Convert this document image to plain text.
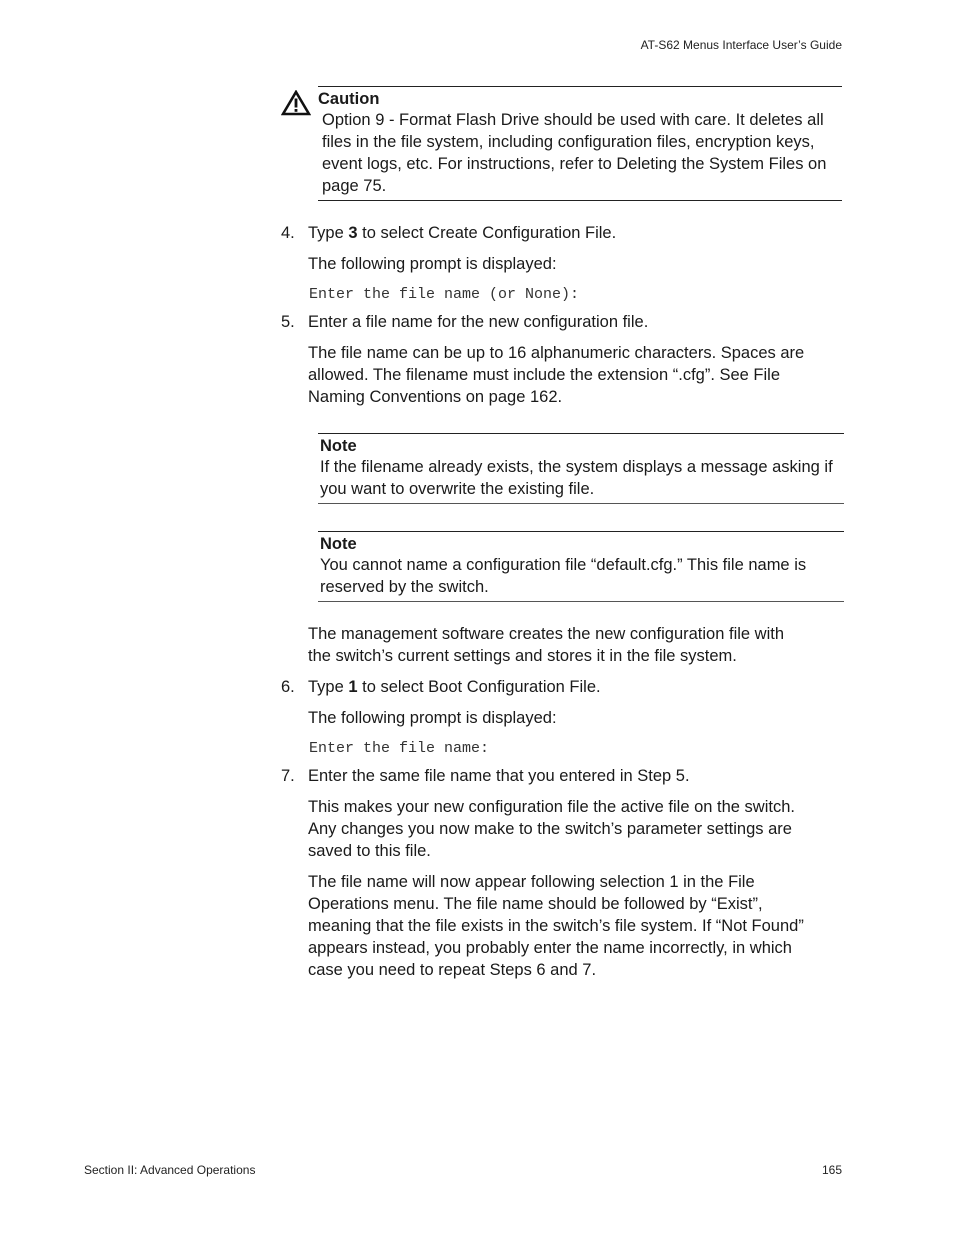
AT-S62 Menus Interface User’s Guide
Caution
Option 9 - Format Flash Drive should be used with care. It deletes all files in the file system, including configuration files, encryption keys, event logs, etc. For instructions, refer to Deleting the System Files on page 75.
4. Type 3 to select Create Configuration File.
The following prompt is displayed:
Enter the file name (or None):
5. Enter a file name for the new configuration file.
The file name can be up to 16 alphanumeric characters. Spaces are allowed. The filename must include the extension “.cfg”. See File Naming Conventions on page 162.
Note
If the filename already exists, the system displays a message asking if you want to overwrite the existing file.
Note
You cannot name a configuration file “default.cfg.” This file name is reserved by the switch.
The management software creates the new configuration file with the switch’s current settings and stores it in the file system.
6. Type 1 to select Boot Configuration File.
The following prompt is displayed:
Enter the file name:
7. Enter the same file name that you entered in Step 5.
This makes your new configuration file the active file on the switch. Any changes you now make to the switch’s parameter settings are saved to this file.
The file name will now appear following selection 1 in the File Operations menu. The file name should be followed by “Exist”, meaning that the file exists in the switch’s file system. If “Not Found” appears instead, you probably enter the name incorrectly, in which case you need to repeat Steps 6 and 7.
Section II: Advanced Operations	165
